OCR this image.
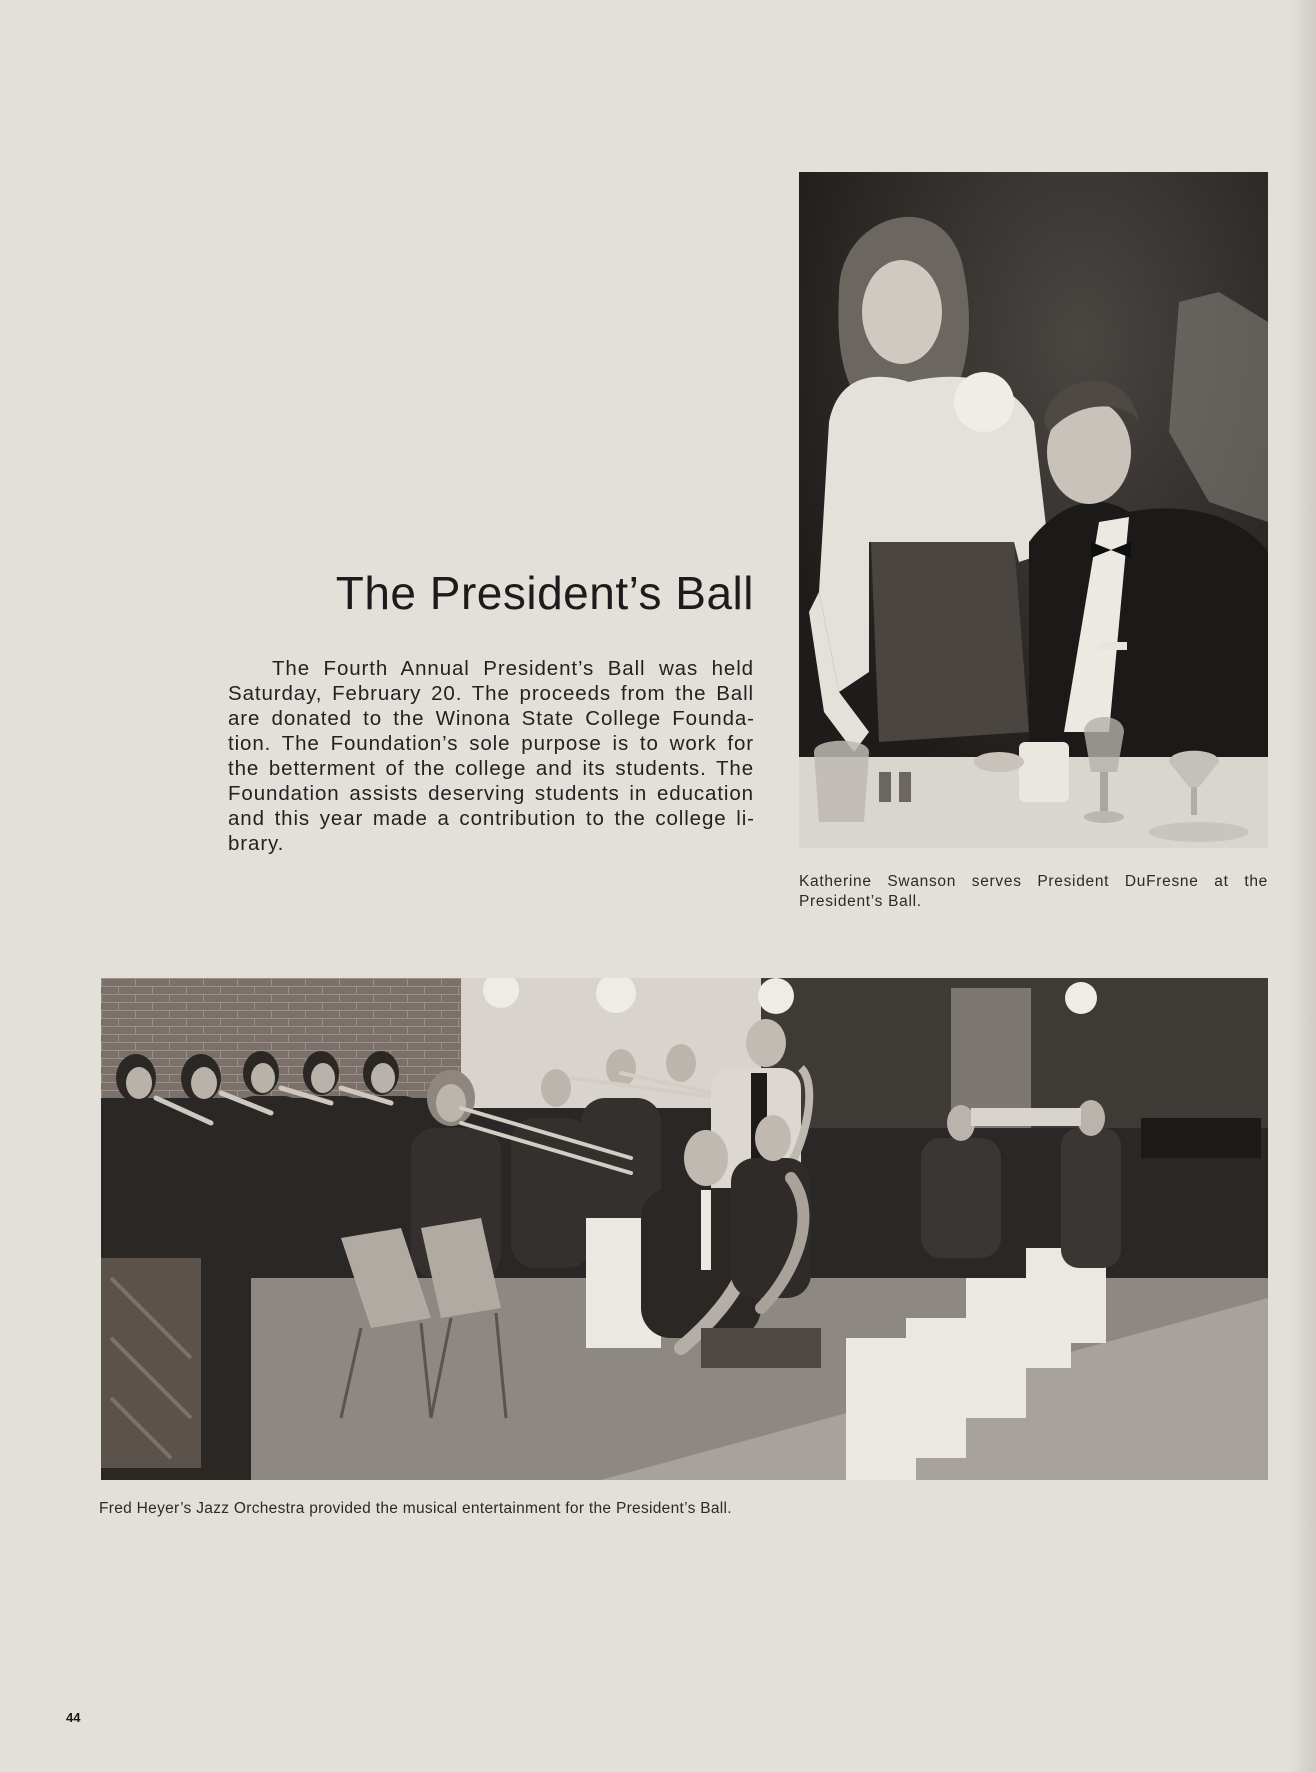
The President’s Ball

The Fourth Annual President’s Ball was held Saturday, February 20. The proceeds from the Ball are donated to the Winona State College Foundation. The Foundation’s sole purpose is to work for the betterment of the college and its students. The Foundation assists deserving students in education and this year made a contribution to the college library.

Katherine Swanson serves President DuFresne at the President’s Ball.

Fred Heyer’s Jazz Orchestra provided the musical entertainment for the President’s Ball.

44
